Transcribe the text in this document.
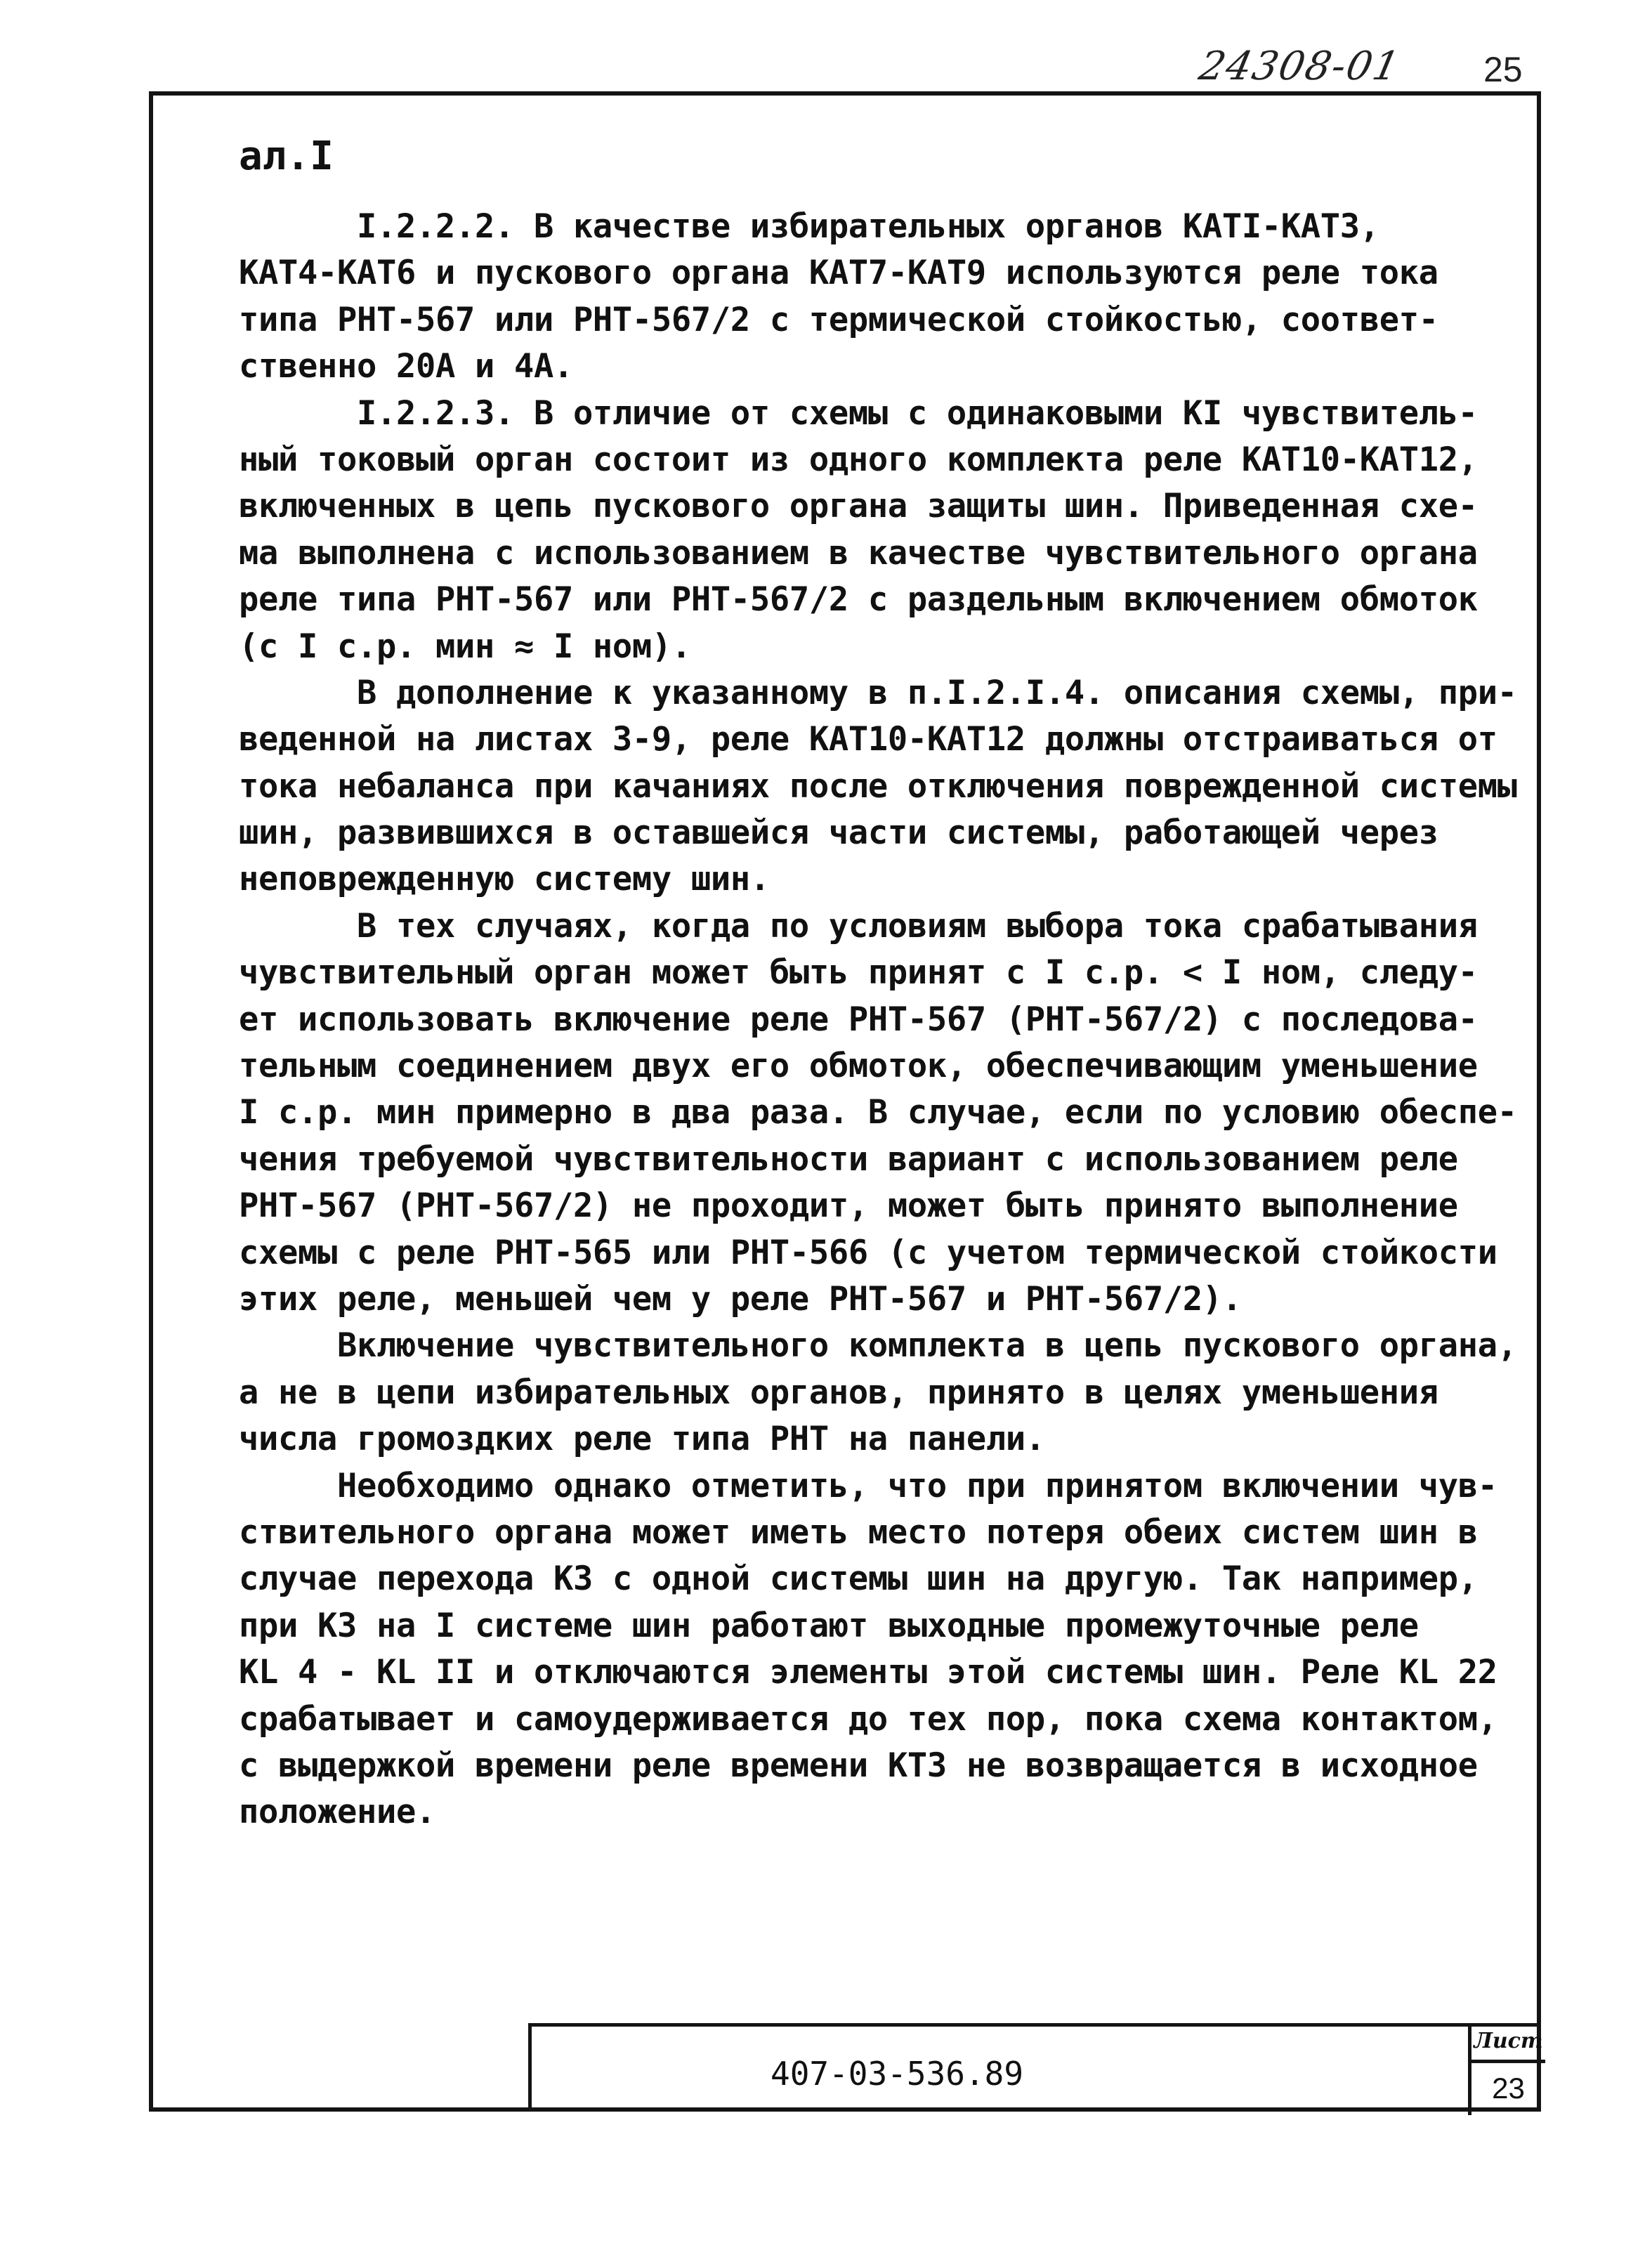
24308-01	25
ал.I
I.2.2.2. В качестве избирательных органов КАТI-КАТ3,
КАТ4-КАТ6 и пускового органа КАТ7-КАТ9 используются реле тока
типа РНТ-567 или РНТ-567/2 с термической стойкостью, соответ-
ственно 20А и 4А.
I.2.2.3. В отличие от схемы с одинаковыми KI чувствитель-
ный токовый орган состоит из одного комплекта реле КАТ10-КАТ12,
включенных в цепь пускового органа защиты шин. Приведенная схе-
ма выполнена с использованием в качестве чувствительного органа
реле типа РНТ-567 или РНТ-567/2 с раздельным включением обмоток
(с I с.р. мин ≈ I ном).
В дополнение к указанному в п.I.2.I.4. описания схемы, при-
веденной на листах 3-9, реле КАТ10-КАТ12 должны отстраиваться от
тока небаланса при качаниях после отключения поврежденной системы
шин, развившихся в оставшейся части системы, работающей через
неповрежденную систему шин.
В тех случаях, когда по условиям выбора тока срабатывания
чувствительный орган может быть принят с I с.р. < I ном, следу-
ет использовать включение реле РНТ-567 (РНТ-567/2) с последова-
тельным соединением двух его обмоток, обеспечивающим уменьшение
I с.р. мин примерно в два раза. В случае, если по условию обеспе-
чения требуемой чувствительности вариант с использованием реле
РНТ-567 (РНТ-567/2) не проходит, может быть принято выполнение
схемы с реле РНТ-565 или РНТ-566 (с учетом термической стойкости
этих реле, меньшей чем у реле РНТ-567 и РНТ-567/2).
Включение чувствительного комплекта в цепь пускового органа,
а не в цепи избирательных органов, принято в целях уменьшения
числа громоздких реле типа РНТ на панели.
Необходимо однако отметить, что при принятом включении чув-
ствительного органа может иметь место потеря обеих систем шин в
случае перехода КЗ с одной системы шин на другую. Так например,
при КЗ на I системе шин работают выходные промежуточные реле
KL 4 - KL II и отключаются элементы этой системы шин. Реле KL 22
срабатывает и самоудерживается до тех пор, пока схема контактом,
с выдержкой времени реле времени КТ3 не возвращается в исходное
положение.
407-03-536.89
Лист
23
